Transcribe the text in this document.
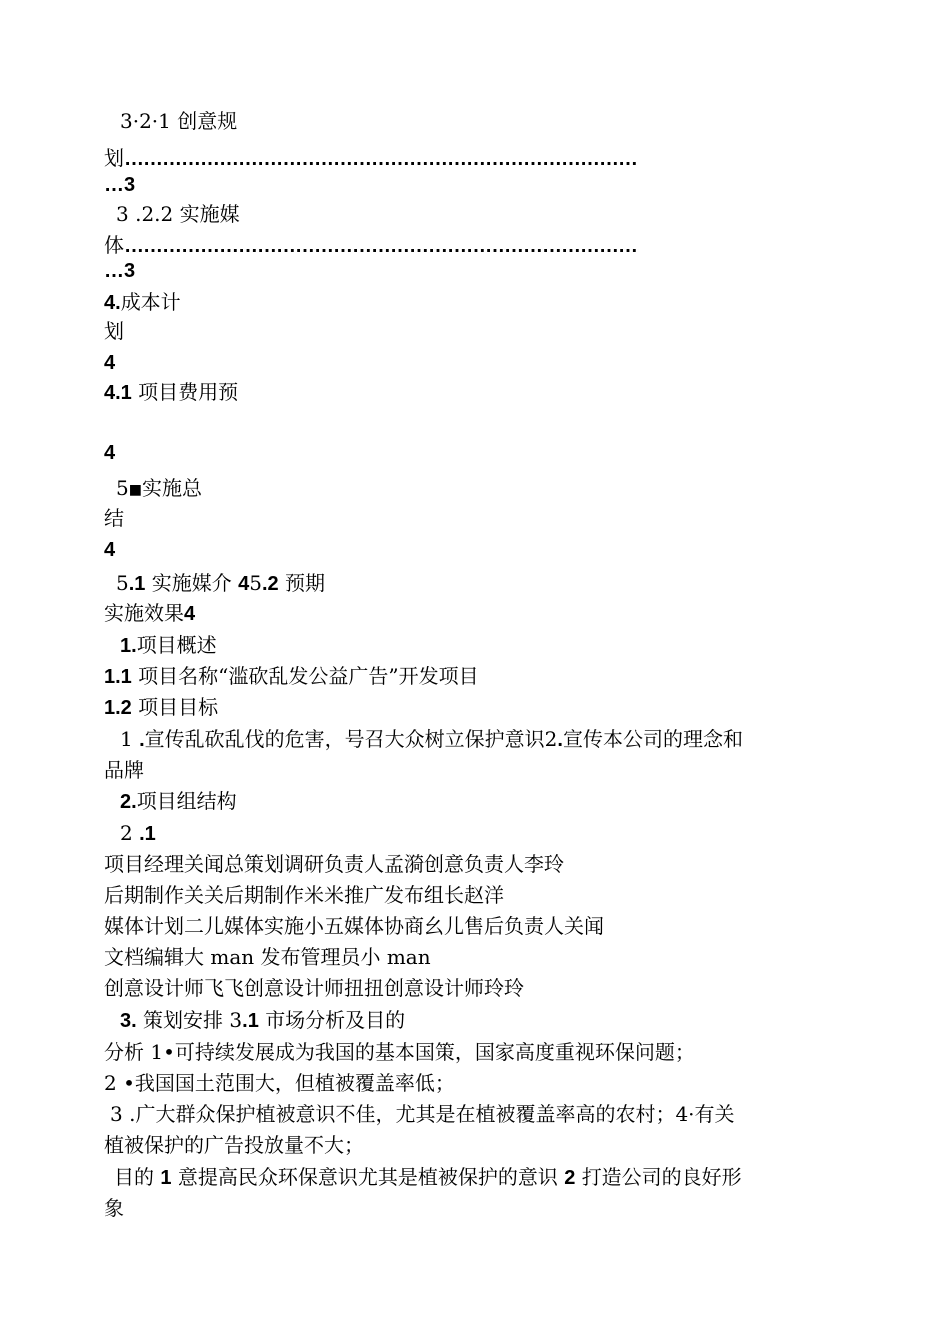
3·2·1 创意规
划………………………………………………………………………
…3
3 .2.2 实施媒
体………………………………………………………………………
…3
4.成本计
划
4
4.1 项目费用预
4
5■实施总
结
4
5.1 实施媒介 45.2 预期
实施效果4
1.项目概述
1.1 项目名称“滥砍乱发公益广告”开发项目
1.2 项目目标
1 .宣传乱砍乱伐的危害，号召大众树立保护意识2.宣传本公司的理念和
品牌
2.项目组结构
2 .1
项目经理关闻总策划调研负责人孟漪创意负责人李玲
后期制作关关后期制作米米推广发布组长赵洋
媒体计划二儿媒体实施小五媒体协商幺儿售后负责人关闻
文档编辑大 man 发布管理员小 man
创意设计师飞飞创意设计师扭扭创意设计师玲玲
3. 策划安排 3.1 市场分析及目的
分析 1•可持续发展成为我国的基本国策，国家高度重视环保问题；
2 •我国国土范围大，但植被覆盖率低；
3 .广大群众保护植被意识不佳，尤其是在植被覆盖率高的农村；4·有关
植被保护的广告投放量不大；
目的 1 意提高民众环保意识尤其是植被保护的意识 2 打造公司的良好形
象
